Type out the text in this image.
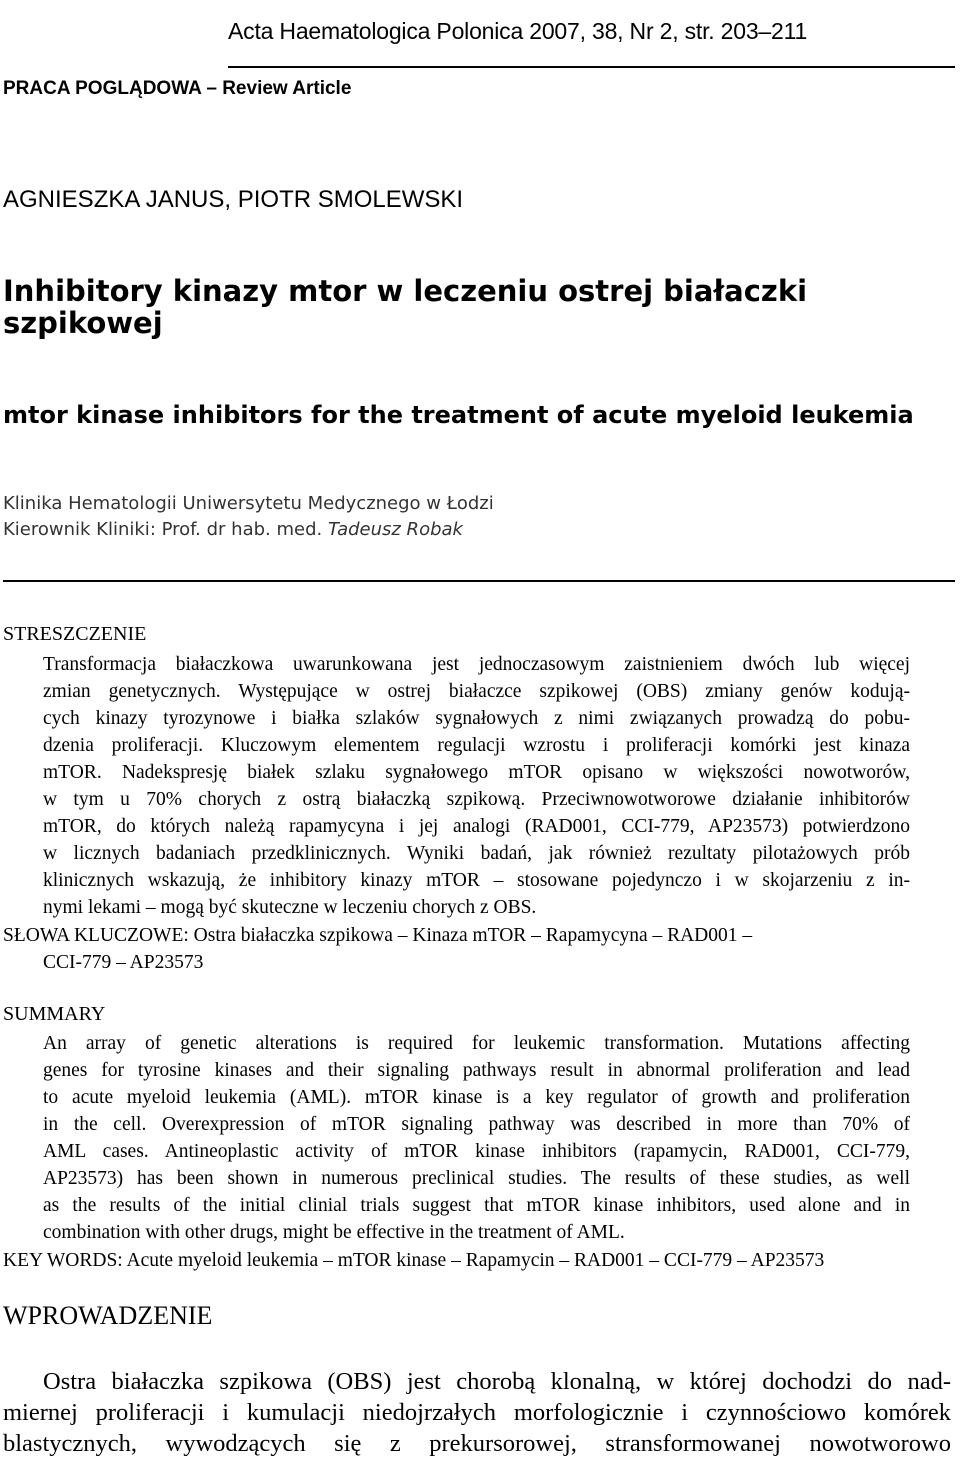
Acta Haematologica Polonica 2007, 38, Nr 2, str. 203–211
PRACA POGLĄDOWA – Review Article
AGNIESZKA JANUS, PIOTR SMOLEWSKI
Inhibitory kinazy mtor w leczeniu ostrej białaczki szpikowej
mtor kinase inhibitors for the treatment of acute myeloid leukemia
Klinika Hematologii Uniwersytetu Medycznego w Łodzi
Kierownik Kliniki: Prof. dr hab. med. Tadeusz Robak
STRESZCZENIE
Transformacja białaczkowa uwarunkowana jest jednoczasowym zaistnieniem dwóch lub więcej
zmian genetycznych. Występujące w ostrej białaczce szpikowej (OBS) zmiany genów kodują-
cych kinazy tyrozynowe i białka szlaków sygnałowych z nimi związanych prowadzą do pobu-
dzenia proliferacji. Kluczowym elementem regulacji wzrostu i proliferacji komórki jest kinaza
mTOR. Nadekspresję białek szlaku sygnałowego mTOR opisano w większości nowotworów,
w tym u 70% chorych z ostrą białaczką szpikową. Przeciwnowotworowe działanie inhibitorów
mTOR, do których należą rapamycyna i jej analogi (RAD001, CCI-779, AP23573) potwierdzono
w licznych badaniach przedklinicznych. Wyniki badań, jak również rezultaty pilotażowych prób
klinicznych wskazują, że inhibitory kinazy mTOR – stosowane pojedynczo i w skojarzeniu z in-
nymi lekami – mogą być skuteczne w leczeniu chorych z OBS.
SŁOWA KLUCZOWE: Ostra białaczka szpikowa – Kinaza mTOR – Rapamycyna – RAD001 –
CCI-779 – AP23573
SUMMARY
An array of genetic alterations is required for leukemic transformation. Mutations affecting
genes for tyrosine kinases and their signaling pathways result in abnormal proliferation and lead
to acute myeloid leukemia (AML). mTOR kinase is a key regulator of growth and proliferation
in the cell. Overexpression of mTOR signaling pathway was described in more than 70% of
AML cases. Antineoplastic activity of mTOR kinase inhibitors (rapamycin, RAD001, CCI-779,
AP23573) has been shown in numerous preclinical studies. The results of these studies, as well
as the results of the initial clinial trials suggest that mTOR kinase inhibitors, used alone and in
combination with other drugs, might be effective in the treatment of AML.
KEY WORDS: Acute myeloid leukemia – mTOR kinase – Rapamycin – RAD001 – CCI-779 – AP23573
WPROWADZENIE
Ostra białaczka szpikowa (OBS) jest chorobą klonalną, w której dochodzi do nad-
miernej proliferacji i kumulacji niedojrzałych morfologicznie i czynnościowo komórek
blastycznych, wywodzących się z prekursorowej, stransformowanej nowotworowo
